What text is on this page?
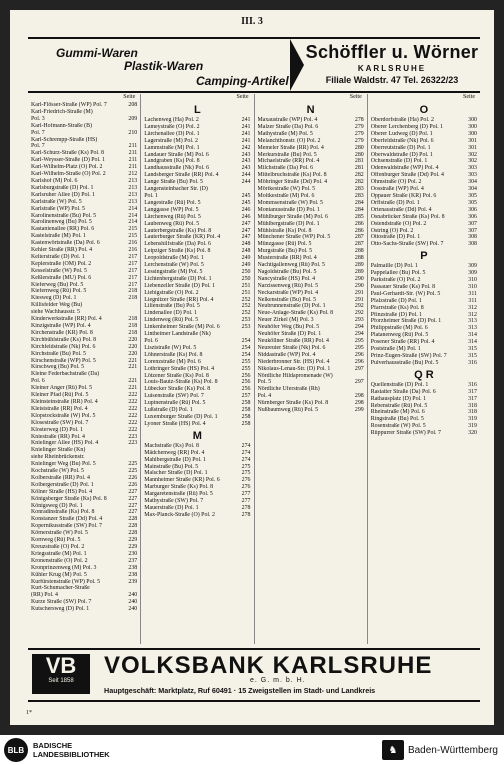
III. 3
Gummi-Waren
Plastik-Waren
Camping-Artikel
Schöffler u. Wörner
KARLSRUHE
Filiale Waldstr. 47 Tel. 26322/23
Seite
Karl-Flösser-Straße (WP) Pol. 7	208
Karl-Friedrich-Straße (M)
Pol. 3	209
Karl-Hofmann-Straße (B)
Pol. 7	210
Karl-Schrempp-Straße (HS)
Pol. 7	211
Karl-Schurz-Straße (Ks) Pol. 8	211
Karl-Weysser-Straße (D) Pol. 1	211
Karl-Wilhelm-Platz (O) Pol. 2	211
Karl-Wilhelm-Straße (O) Pol. 2	212
Karlshof (M) Pol. 6	213
Karlsburgstraße (D) Pol. 1	213
Karlsruher Allee (D) Pol. 1	213
Karlstraße (W) Pol. 5	213
Karlstraße (WP) Pol. 5	214
Karolinenstraße (Bu) Pol. 5	214
Karolinenweg (Bu) Pol. 5	214
Kastanienallee (RR) Pol. 6	215
Kastelstraße (M) Pol. 1	215
Kastenwörtstraße (Da) Pol. 6	216
Kehler Straße (RR) Pol. 4	216
Kelterstraße (D) Pol. 1	217
Keplerstraße (ÖM) Pol. 2	217
Kesselstraße (W) Pol. 5	217
Keßlerstraße (MÜ) Pol. 6	217
Kieferweg (Bu) Pol. 5	217
Kiefernweg (Rü) Pol. 5	218
Kiesweg (D) Pol. 1	218
Killisfelder Weg (Bu)
siehe Wachhausstr. 5
Kinderwerkstraße (RR) Pol. 4	218
Kinzigstraße (WP) Pol. 4	218
Kirchenstraße (KR) Pol. 8	218
Kirchbühlstraße (Ks) Pol. 8	220
Kirchfeldstraße (Nk) Pol. 6	220
Kirchstraße (Bu) Pol. 5	220
Kirschenstraße (WP) Pol. 5	221
Kirschweg (Bu) Pol. 5	221
Kleine Federbachstraße (Da)
Pol. 6	221
Kleiner Anger (Rü) Pol. 5	221
Kleiner Pfad (Rü) Pol. 5	222
Kleinsteinstraße (RR) Pol. 4	222
Kleiststraße (RR) Pol. 4	222
Klopstockstraße (W) Pol. 5	222
Klosestraße (SW) Pol. 7	222
Klosterweg (D) Pol. 1	222
Kniestraße (RR) Pol. 4	223
Knielinger Allee (HS) Pol. 4	223
Knielinger Straße (Kn)
siehe Rheinbrückenstr.
Knielinger Weg (Bu) Pol. 5	225
Kochstraße (W) Pol. 5	225
Kolberstraße (RR) Pol. 4	226
Kolbergerstraße (D) Pol. 1	226
Kölner Straße (HS) Pol. 4	227
Königsberger Straße (Ks) Pol. 8	227
Königsweg (D) Pol. 1	227
Konradinstraße (Ks) Pol. 8	227
Konstanzer Straße (Dd) Pol. 4	228
Kopernikusstraße (SW) Pol. 7	228
Körnerstraße (W) Pol. 5	228
Kornweg (Rü) Pol. 5	229
Kreuzstraße (O) Pol. 2	229
Kriegsstraße (M) Pol. 1	230
Kronenstraße (O) Pol. 2	237
Kronprinzenweg (M) Pol. 3	238
Kühler Krug (M) Pol. 5	238
Kurfürstenstraße (WP) Pol. 5	239
Kurt-Schumacher-Straße
(RR) Pol. 4	240
Kurze Straße (SW) Pol. 7	240
Kutschersweg (D) Pol. 1	240
Seite
L
Lachenweg (Ha) Pol. 2	241
Lameystraße (O) Pol. 2	241
Lärchenallee (D) Pol. 1	241
Lagerstraße (M) Pol. 2	241
Lammstraße (M) Pol. 1	242
Landauer Straße (M) Pol. 6	243
Landgraben (Ks) Pol. 8	243
Landhausstraße (Nk) Pol. 6	243
Landsberger Straße (RR) Pol. 4	244
Lange Straße (Bu) Pol. 5	244
Langensteinbacher Str. (D)
Pol. 1	245
Langestraße (Rü) Pol. 5	245
Langgasse (WP) Pol. 5	246
Lärchenweg (Rü) Pol. 5	246
Laubenweg (Rü) Pol. 5	247
Lauterbergstraße (Ks) Pol. 8	247
Lauterburger Straße (KR) Pol. 4	247
Lebenshilfstraße (Da) Pol. 6	248
Leipziger Straße (Ks) Pol. 8	248
Leopoldstraße (M) Pol. 1	249
Lerchenstraße (W) Pol. 5	249
Lessingstraße (M) Pol. 5	250
Lichtenbergstraße (D) Pol. 1	250
Liebenzeller Straße (D) Pol. 1	251
Liebigstraße (O) Pol. 2	251
Liegnitzer Straße (RR) Pol. 4	252
Lilienstraße (Bu) Pol. 5	252
Lindenallee (D) Pol. 1	252
Lindenweg (Rü) Pol. 5	253
Linkenheimer Straße (M) Pol. 6	253
Lintheimer Landstraße (Nk)
Pol. 6	254
Lisztstraße (W) Pol. 5	254
Löhnerstraße (Ks) Pol. 8	254
Lorenzstraße (M) Pol. 6	255
Lothringer Straße (HS) Pol. 4	255
Lötzener Straße (Ks) Pol. 8	256
Louis-Bautz-Straße (Ks) Pol. 8	256
Lübecker Straße (Ks) Pol. 8	256
Luisenstraße (SW) Pol. 7	257
Lupinenstraße (Rü) Pol. 5	258
Lußstraße (D) Pol. 1	258
Luxemburger Straße (D) Pol. 1	258
Lyoner Straße (HS) Pol. 4	258
M
Machstraße (Ks) Pol. 8	274
Mädchenweg (RR) Pol. 4	274
Mahlbergstraße (D) Pol. 1	274
Mainstraße (Bu) Pol. 5	275
Malscher Straße (D) Pol. 1	275
Mannheimer Straße (KR) Pol. 6	276
Marburger Straße (Ks) Pol. 8	276
Margaretenstraße (Rü) Pol. 5	277
Mathystraße (SW) Pol. 7	277
Mauerstraße (D) Pol. 1	278
Max-Planck-Straße (O) Pol. 2	278
Seite
N
Maxaustraße (WP) Pol. 4	278
Malzer Straße (Da) Pol. 6	279
Mathystraße (M) Pol. 5	279
Melanchthonstr. (O) Pol. 2	279
Memeler Straße (RR) Pol. 4	280
Merkurstraße (Bu) Pol. 5	280
Michaelstraße (RR) Pol. 4	281
Milchstraße (Da) Pol. 6	281
Mittelbruchstraße (Ks) Pol. 8	282
Möhringer Straße (Dd) Pol. 4	282
Mörikestraße (W) Pol. 5	283
Moltkestraße (M) Pol. 6	283
Mommsenstraße (W) Pol. 5	284
Montanusstraße (D) Pol. 1	284
Mühlburger Straße (M) Pol. 6	285
Mühlbergstraße (D) Pol. 1	286
Mühlstraße (Ks) Pol. 8	286
Münchener Straße (WP) Pol. 5	287
Münzgasse (Rü) Pol. 5	287
Murgstraße (Bu) Pol. 5	288
Musterstraße (RR) Pol. 4	288
Nachtigallenweg (Rü) Pol. 5	289
Nagoldstraße (Bu) Pol. 5	289
Nancystraße (HS) Pol. 4	290
Narzissenweg (Rü) Pol. 5	290
Neckarstraße (WP) Pol. 4	291
Nelkenstraße (Bu) Pol. 5	291
Neubrunnenstraße (D) Pol. 1	292
Neue-Anlage-Straße (Ks) Pol. 8	292
Neuer Zirkel (M) Pol. 3	293
Neuhöfer Weg (Bu) Pol. 5	294
Neuhöfer Straße (D) Pol. 1	294
Neuköllner Straße (RR) Pol. 4	295
Neureuter Straße (Nk) Pol. 6	295
Niddastraße (WP) Pol. 4	296
Niederbronner Str. (HS) Pol. 4	296
Nikolaus-Lenau-Str. (D) Pol. 1	297
Nördliche Hildapromenade (W)
Pol. 5	297
Nördliche Uferstraße (Rh)
Pol. 4	298
Nürnberger Straße (Ks) Pol. 8	298
Nußbaumweg (Rü) Pol. 5	299
Seite
O
Oberdorfstraße (Ha) Pol. 2	300
Oberer Lerchenberg (D) Pol. 1	300
Oberer Ludweg (D) Pol. 1	300
Oberfeldstraße (Nk) Pol. 6	301
Oberreutstraße (D) Pol. 1	301
Oberwaldstraße (D) Pol. 1	302
Ochsenstraße (D) Pol. 1	302
Odenwaldstraße (WP) Pol. 4	303
Offenburger Straße (Dd) Pol. 4	303
Ohmstraße (O) Pol. 2	304
Oosstraße (WP) Pol. 4	304
Oppauer Straße (KR) Pol. 6	305
Orffstraße (D) Pol. 1	305
Ortenaustraße (Dd) Pol. 4	306
Osnabrücker Straße (Ks) Pol. 8	306
Ostendstraße (O) Pol. 2	307
Ostring (O) Pol. 2	307
Ottostraße (D) Pol. 1	308
Otto-Sachs-Straße (SW) Pol. 7	308
P
Palmaille (D) Pol. 1	309
Pappelallee (Bu) Pol. 5	309
Parkstraße (O) Pol. 2	310
Passauer Straße (Ks) Pol. 8	310
Paul-Gerhardt-Str. (W) Pol. 5	311
Pfalzstraße (D) Pol. 1	311
Pfarrstraße (Ks) Pol. 8	312
Pfinzstraße (D) Pol. 1	312
Pforzheimer Straße (D) Pol. 1	313
Philippstraße (M) Pol. 6	313
Platanenweg (Rü) Pol. 5	314
Posener Straße (RR) Pol. 4	314
Poststraße (M) Pol. 1	315
Prinz-Eugen-Straße (SW) Pol. 7	315
Pulverhausstraße (Bu) Pol. 5	316
Q R
Quellenstraße (D) Pol. 1	316
Rastatter Straße (Da) Pol. 6	317
Rathausplatz (D) Pol. 1	317
Rebenstraße (Rü) Pol. 5	318
Rheinstraße (M) Pol. 6	318
Ringstraße (Bu) Pol. 5	319
Rosenstraße (W) Pol. 5	319
Rüppurrer Straße (SW) Pol. 7	320
VB
Seit 1858
VOLKSBANK KARLSRUHE
e. G. m. b. H.
Hauptgeschäft: Marktplatz, Ruf 60491 · 15 Zweigstellen im Stadt- und Landkreis
1*
BLB	BADISCHE
LANDESBIBLIOTHEK	♞	Baden-Württemberg
